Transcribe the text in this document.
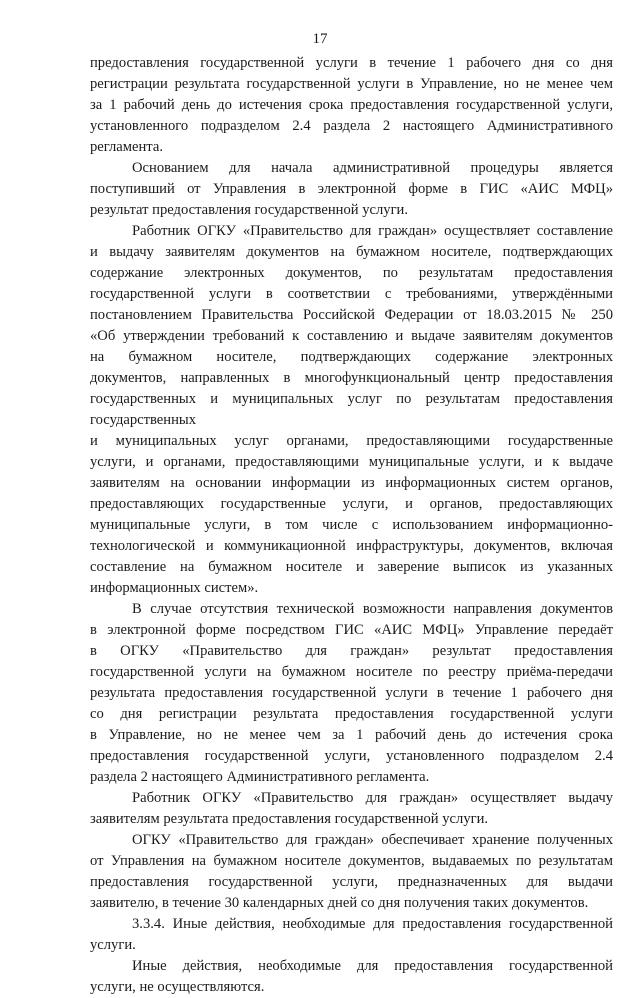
17
предоставления государственной услуги в течение 1 рабочего дня со дня
регистрации результата государственной услуги в Управление, но не менее чем
за 1 рабочий день до истечения срока предоставления государственной услуги,
установленного подразделом 2.4 раздела 2 настоящего Административного
регламента.
Основанием для начала административной процедуры является
поступивший от Управления в электронной форме в ГИС «АИС МФЦ»
результат предоставления государственной услуги.
Работник ОГКУ «Правительство для граждан» осуществляет составление
и выдачу заявителям документов на бумажном носителе, подтверждающих
содержание электронных документов, по результатам предоставления
государственной услуги в соответствии с требованиями, утверждёнными
постановлением Правительства Российской Федерации от 18.03.2015 № 250
«Об утверждении требований к составлению и выдаче заявителям документов
на бумажном носителе, подтверждающих содержание электронных
документов, направленных в многофункциональный центр предоставления
государственных и муниципальных услуг по результатам предоставления
государственных
и муниципальных услуг органами, предоставляющими государственные
услуги, и органами, предоставляющими муниципальные услуги, и к выдаче
заявителям на основании информации из информационных систем органов,
предоставляющих государственные услуги, и органов, предоставляющих
муниципальные услуги, в том числе с использованием информационно-
технологической и коммуникационной инфраструктуры, документов, включая
составление на бумажном носителе и заверение выписок из указанных
информационных систем».
В случае отсутствия технической возможности направления документов
в электронной форме посредством ГИС «АИС МФЦ» Управление передаёт
в ОГКУ «Правительство для граждан» результат предоставления
государственной услуги на бумажном носителе по реестру приёма-передачи
результата предоставления государственной услуги в течение 1 рабочего дня
со дня регистрации результата предоставления государственной услуги
в Управление, но не менее чем за 1 рабочий день до истечения срока
предоставления государственной услуги, установленного подразделом 2.4
раздела 2 настоящего Административного регламента.
Работник ОГКУ «Правительство для граждан» осуществляет выдачу
заявителям результата предоставления государственной услуги.
ОГКУ «Правительство для граждан» обеспечивает хранение полученных
от Управления на бумажном носителе документов, выдаваемых по результатам
предоставления государственной услуги, предназначенных для выдачи
заявителю, в течение 30 календарных дней со дня получения таких документов.
3.3.4. Иные действия, необходимые для предоставления государственной
услуги.
Иные действия, необходимые для предоставления государственной
услуги, не осуществляются.
